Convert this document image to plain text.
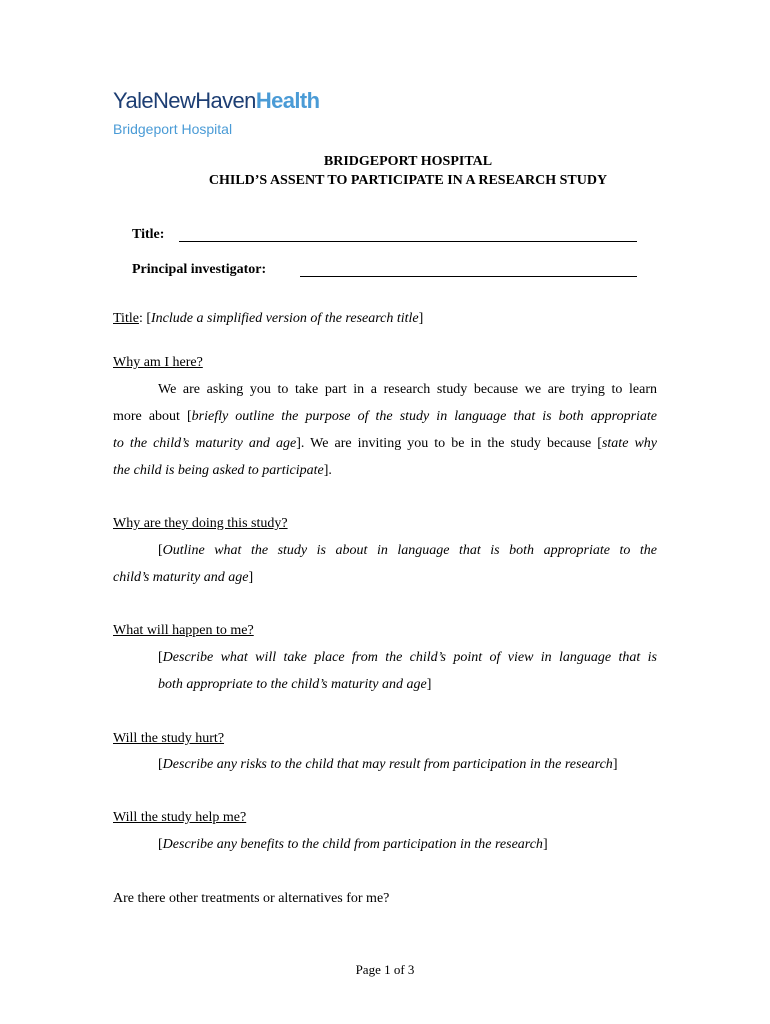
YaleNewHavenHealth
Bridgeport Hospital
BRIDGEPORT HOSPITAL
CHILD’S ASSENT TO PARTICIPATE IN A RESEARCH STUDY
Title:
Principal investigator:
Title: [Include a simplified version of the research title]
Why am I here?
We are asking you to take part in a research study because we are trying to learn
more about [briefly outline the purpose of the study in language that is both appropriate
to the child’s maturity and age]. We are inviting you to be in the study because [state why
the child is being asked to participate].
Why are they doing this study?
[Outline what the study is about in language that is both appropriate to the
child’s maturity and age]
What will happen to me?
[Describe what will take place from the child’s point of view in language that is
both appropriate to the child’s maturity and age]
Will the study hurt?
[Describe any risks to the child that may result from participation in the research]
Will the study help me?
[Describe any benefits to the child from participation in the research]
Are there other treatments or alternatives for me?
Page 1 of 3
